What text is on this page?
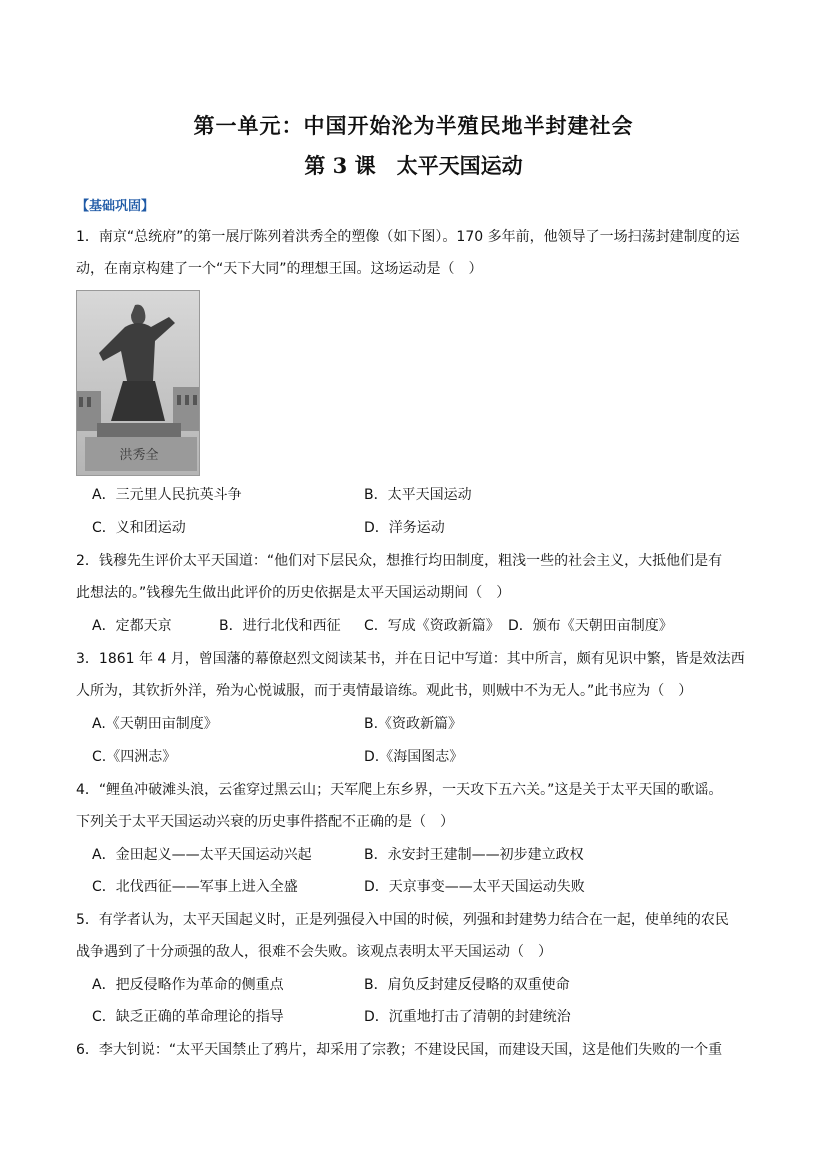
第一单元：中国开始沦为半殖民地半封建社会
第 3 课　太平天国运动
【基础巩固】
1．南京“总统府”的第一展厅陈列着洪秀全的塑像（如下图）。170 多年前，他领导了一场扫荡封建制度的运
动，在南京构建了一个“天下大同”的理想王国。这场运动是（　）
洪秀全
A．三元里人民抗英斗争	B．太平天国运动
C．义和团运动	D．洋务运动
2．钱穆先生评价太平天国道：“他们对下层民众，想推行均田制度，粗浅一些的社会主义，大抵他们是有
此想法的。”钱穆先生做出此评价的历史依据是太平天国运动期间（　）
A．定都天京	B．进行北伐和西征 C．写成《资政新篇》 D．颁布《天朝田亩制度》
3．1861 年 4 月，曾国藩的幕僚赵烈文阅读某书，并在日记中写道：其中所言，颇有见识中繁，皆是效法西
人所为，其钦折外洋，殆为心悦诚服，而于夷情最谙练。观此书，则贼中不为无人。”此书应为（　）
A.《天朝田亩制度》	B.《资政新篇》
C.《四洲志》	D.《海国图志》
4．“鲤鱼冲破滩头浪，云雀穿过黑云山；天军爬上东乡界，一天攻下五六关。”这是关于太平天国的歌谣。
下列关于太平天国运动兴衰的历史事件搭配不正确的是（　）
A．金田起义——太平天国运动兴起	B．永安封王建制——初步建立政权
C．北伐西征——军事上进入全盛	D．天京事变——太平天国运动失败
5．有学者认为，太平天国起义时，正是列强侵入中国的时候，列强和封建势力结合在一起，使单纯的农民
战争遇到了十分顽强的敌人，很难不会失败。该观点表明太平天国运动（　）
A．把反侵略作为革命的侧重点	B．肩负反封建反侵略的双重使命
C．缺乏正确的革命理论的指导	D．沉重地打击了清朝的封建统治
6．李大钊说：“太平天国禁止了鸦片，却采用了宗教；不建设民国，而建设天国，这是他们失败的一个重
